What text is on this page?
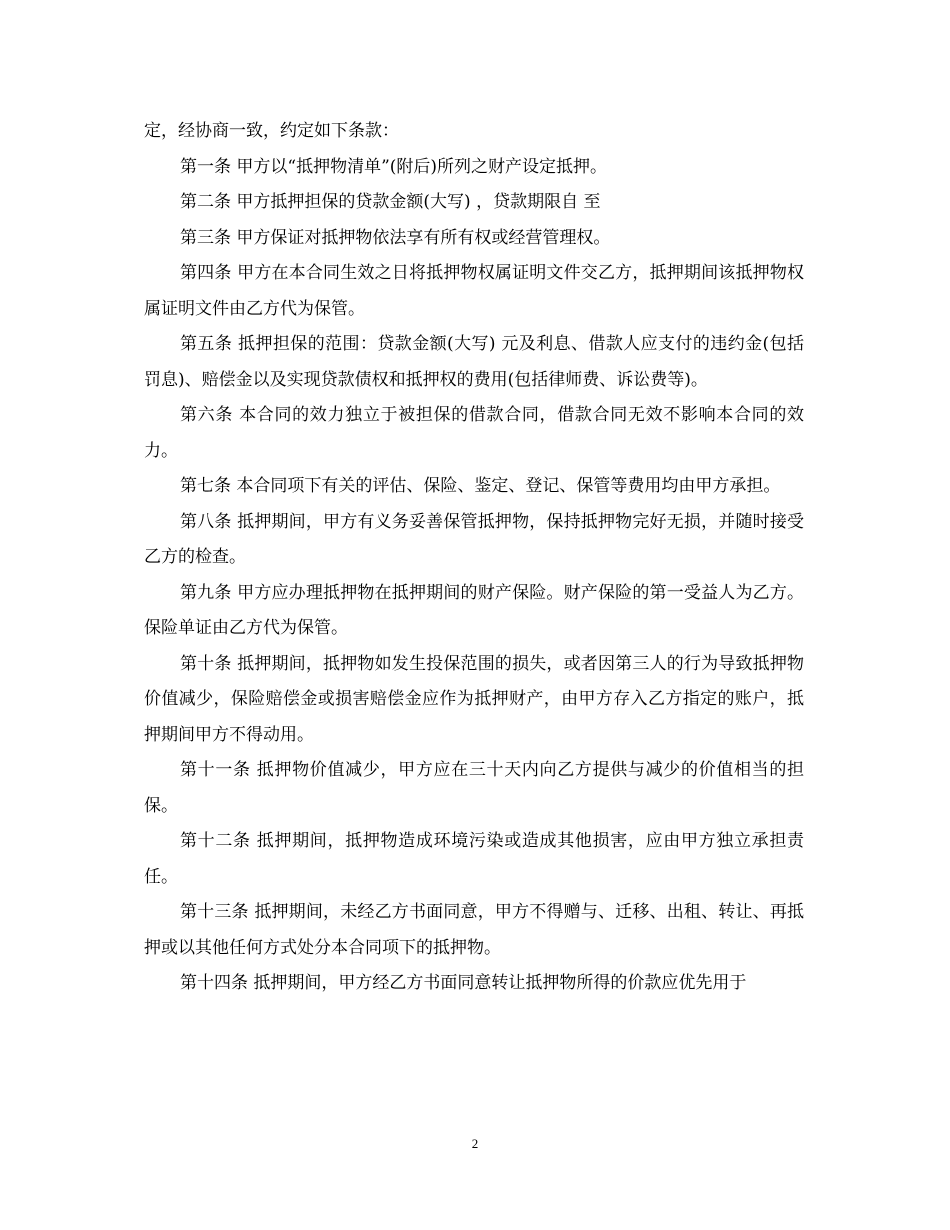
定，经协商一致，约定如下条款：

第一条 甲方以“抵押物清单”(附后)所列之财产设定抵押。

第二条 甲方抵押担保的贷款金额(大写) ，贷款期限自 至

第三条 甲方保证对抵押物依法享有所有权或经营管理权。

第四条 甲方在本合同生效之日将抵押物权属证明文件交乙方，抵押期间该抵押物权属证明文件由乙方代为保管。

第五条 抵押担保的范围：贷款金额(大写) 元及利息、借款人应支付的违约金(包括罚息)、赔偿金以及实现贷款债权和抵押权的费用(包括律师费、诉讼费等)。

第六条 本合同的效力独立于被担保的借款合同，借款合同无效不影响本合同的效力。

第七条 本合同项下有关的评估、保险、鉴定、登记、保管等费用均由甲方承担。

第八条 抵押期间，甲方有义务妥善保管抵押物，保持抵押物完好无损，并随时接受乙方的检查。

第九条 甲方应办理抵押物在抵押期间的财产保险。财产保险的第一受益人为乙方。保险单证由乙方代为保管。

第十条 抵押期间，抵押物如发生投保范围的损失，或者因第三人的行为导致抵押物价值减少，保险赔偿金或损害赔偿金应作为抵押财产，由甲方存入乙方指定的账户，抵押期间甲方不得动用。

第十一条 抵押物价值减少，甲方应在三十天内向乙方提供与减少的价值相当的担保。

第十二条 抵押期间，抵押物造成环境污染或造成其他损害，应由甲方独立承担责任。

第十三条 抵押期间，未经乙方书面同意，甲方不得赠与、迁移、出租、转让、再抵押或以其他任何方式处分本合同项下的抵押物。

第十四条 抵押期间，甲方经乙方书面同意转让抵押物所得的价款应优先用于

2
